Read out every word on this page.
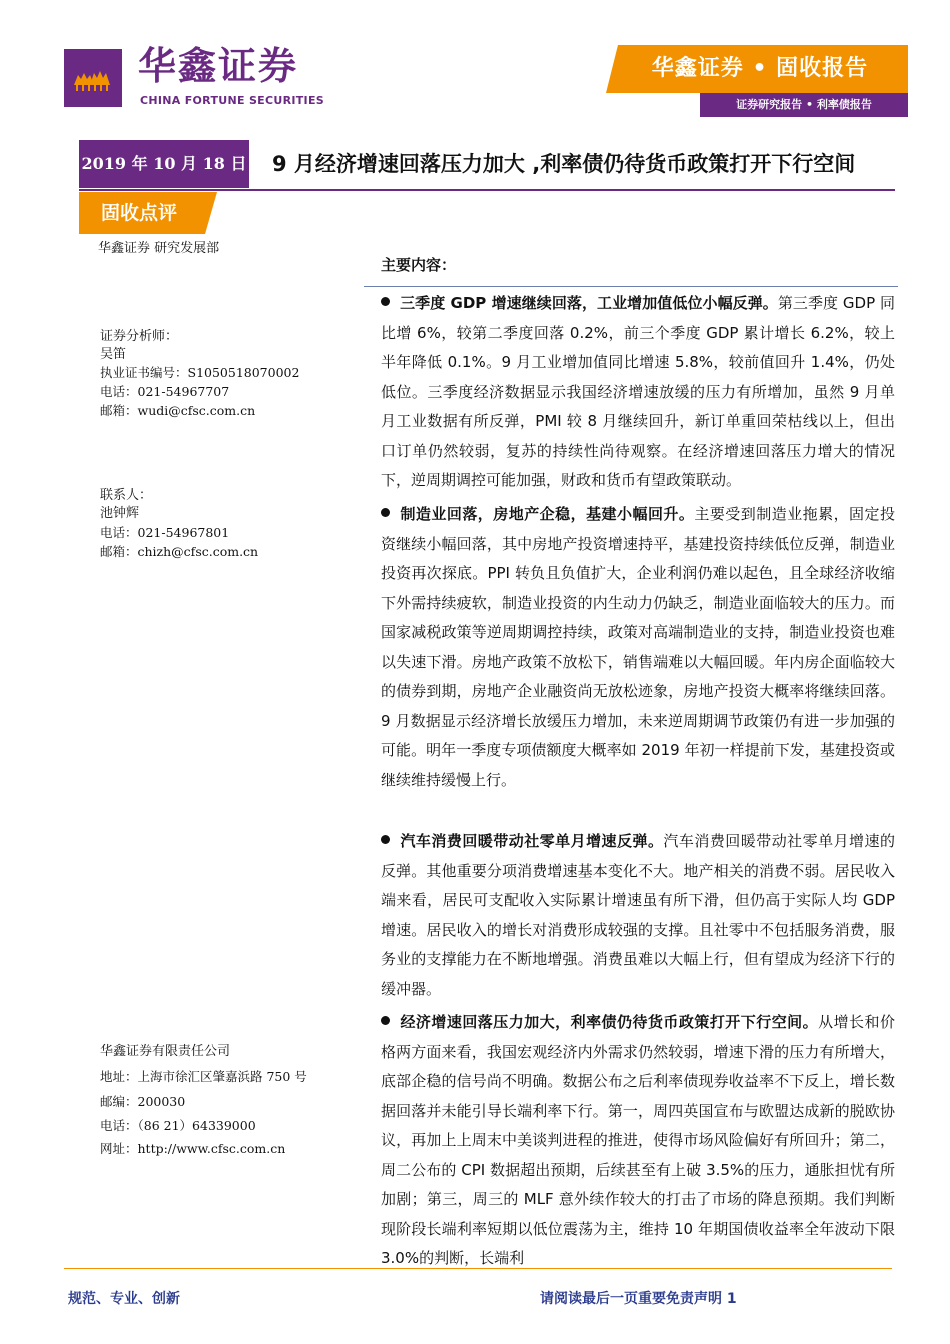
华鑫证券
CHINA FORTUNE SECURITIES
华鑫证券 • 固收报告
证券研究报告 • 利率债报告
2019 年 10 月 18 日 9 月经济增速回落压力加大 ,利率债仍待货币政策打开下行空间
固收点评
华鑫证券 研究发展部
证券分析师：
吴笛
执业证书编号：S1050518070002
电话：021-54967707
邮箱：wudi@cfsc.com.cn
联系人：
池钟辉
电话：021-54967801
邮箱：chizh@cfsc.com.cn
华鑫证券有限责任公司
地址：上海市徐汇区肇嘉浜路 750 号
邮编：200030
电话：（86 21）64339000
网址：http://www.cfsc.com.cn
主要内容：
三季度 GDP 增速继续回落，工业增加值低位小幅反弹。第三季度 GDP 同比增 6%，较第二季度回落 0.2%，前三个季度 GDP 累计增长 6.2%，较上半年降低 0.1%。9 月工业增加值同比增速 5.8%，较前值回升 1.4%，仍处低位。三季度经济数据显示我国经济增速放缓的压力有所增加，虽然 9 月单月工业数据有所反弹，PMI 较 8 月继续回升，新订单重回荣枯线以上，但出口订单仍然较弱，复苏的持续性尚待观察。在经济增速回落压力增大的情况下，逆周期调控可能加强，财政和货币有望政策联动。
制造业回落，房地产企稳，基建小幅回升。主要受到制造业拖累，固定投资继续小幅回落，其中房地产投资增速持平，基建投资持续低位反弹，制造业投资再次探底。PPI 转负且负值扩大，企业利润仍难以起色，且全球经济收缩下外需持续疲软，制造业投资的内生动力仍缺乏，制造业面临较大的压力。而国家减税政策等逆周期调控持续，政策对高端制造业的支持，制造业投资也难以失速下滑。房地产政策不放松下，销售端难以大幅回暖。年内房企面临较大的债券到期，房地产企业融资尚无放松迹象，房地产投资大概率将继续回落。9 月数据显示经济增长放缓压力增加，未来逆周期调节政策仍有进一步加强的可能。明年一季度专项债额度大概率如 2019 年初一样提前下发，基建投资或继续维持缓慢上行。
汽车消费回暖带动社零单月增速反弹。汽车消费回暖带动社零单月增速的反弹。其他重要分项消费增速基本变化不大。地产相关的消费不弱。居民收入端来看，居民可支配收入实际累计增速虽有所下滑，但仍高于实际人均 GDP 增速。居民收入的增长对消费形成较强的支撑。且社零中不包括服务消费，服务业的支撑能力在不断地增强。消费虽难以大幅上行，但有望成为经济下行的缓冲器。
经济增速回落压力加大，利率债仍待货币政策打开下行空间。从增长和价格两方面来看，我国宏观经济内外需求仍然较弱，增速下滑的压力有所增大，底部企稳的信号尚不明确。数据公布之后利率债现券收益率不下反上，增长数据回落并未能引导长端利率下行。第一，周四英国宣布与欧盟达成新的脱欧协议，再加上上周末中美谈判进程的推进，使得市场风险偏好有所回升；第二，周二公布的 CPI 数据超出预期，后续甚至有上破 3.5%的压力，通胀担忧有所加剧；第三，周三的 MLF 意外续作较大的打击了市场的降息预期。我们判断现阶段长端利率短期以低位震荡为主，维持 10 年期国债收益率全年波动下限 3.0%的判断，长端利
规范、专业、创新	请阅读最后一页重要免责声明 1
